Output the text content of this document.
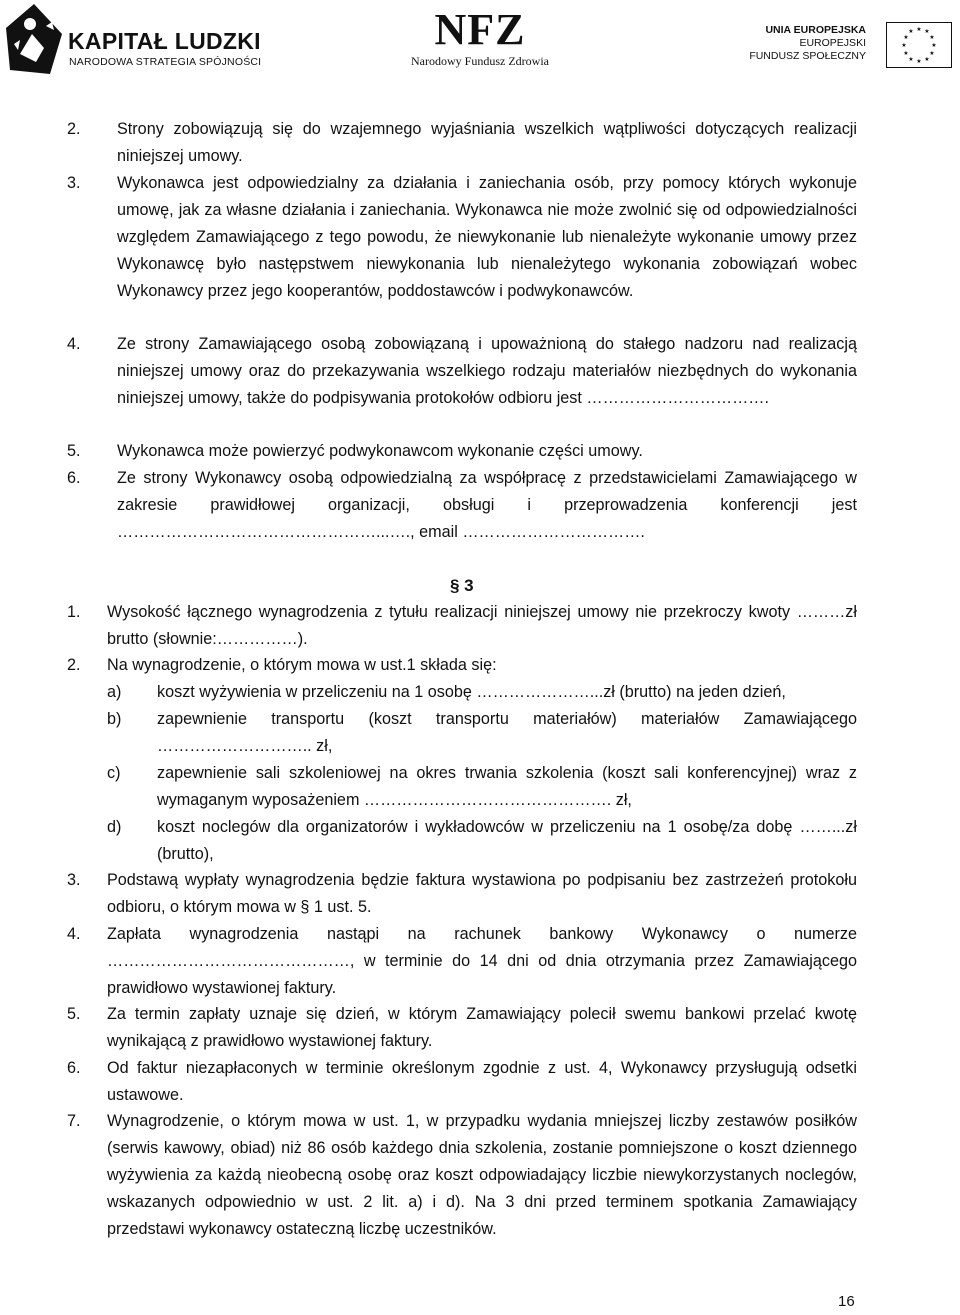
KAPITAŁ LUDZKI
NARODOWA STRATEGIA SPÓJNOŚCI
NFZ
Narodowy Fundusz Zdrowia
UNIA EUROPEJSKA
EUROPEJSKI
FUNDUSZ SPOŁECZNY
★ ★
★
★
★
★
★
★
★
★
★
★
2. Strony zobowiązują się do wzajemnego wyjaśniania wszelkich wątpliwości dotyczących realizacji niniejszej umowy.
3. Wykonawca jest odpowiedzialny za działania i zaniechania osób, przy pomocy których wykonuje umowę, jak za własne działania i zaniechania. Wykonawca nie może zwolnić się od odpowiedzialności względem Zamawiającego z tego powodu, że niewykonanie lub nienależyte wykonanie umowy przez Wykonawcę było następstwem niewykonania lub nienależytego wykonania zobowiązań wobec Wykonawcy przez jego kooperantów, poddostawców i podwykonawców.
4. Ze strony Zamawiającego osobą zobowiązaną i upoważnioną do stałego nadzoru nad realizacją niniejszej umowy oraz do przekazywania wszelkiego rodzaju materiałów niezbędnych do wykonania niniejszej umowy, także do podpisywania protokołów odbioru jest …………………………….
5. Wykonawca może powierzyć podwykonawcom wykonanie części umowy.
6. Ze strony Wykonawcy osobą odpowiedzialną za współpracę z przedstawicielami Zamawiającego w zakresie prawidłowej organizacji, obsługi i przeprowadzenia konferencji jest …………………………………………...…., email …………………………….
§ 3
1. Wysokość łącznego wynagrodzenia z tytułu realizacji niniejszej umowy nie przekroczy kwoty ………zł brutto (słownie:……………).
2. Na wynagrodzenie, o którym mowa w ust.1 składa się:
a) koszt wyżywienia w przeliczeniu na 1 osobę …………………...zł (brutto) na jeden dzień,
b) zapewnienie transportu (koszt transportu materiałów) materiałów Zamawiającego ……………………….. zł,
c) zapewnienie sali szkoleniowej na okres trwania szkolenia (koszt sali konferencyjnej) wraz z wymaganym wyposażeniem ………………………………………. zł,
d) koszt noclegów dla organizatorów i wykładowców w przeliczeniu na 1 osobę/za dobę ……...zł (brutto),
3. Podstawą wypłaty wynagrodzenia będzie faktura wystawiona po podpisaniu bez zastrzeżeń protokołu odbioru, o którym mowa w § 1 ust. 5.
4. Zapłata wynagrodzenia nastąpi na rachunek bankowy Wykonawcy o numerze ………………………………………, w terminie do 14 dni od dnia otrzymania przez Zamawiającego prawidłowo wystawionej faktury.
5. Za termin zapłaty uznaje się dzień, w którym Zamawiający polecił swemu bankowi przelać kwotę wynikającą z prawidłowo wystawionej faktury.
6. Od faktur niezapłaconych w terminie określonym zgodnie z ust. 4, Wykonawcy przysługują odsetki ustawowe.
7. Wynagrodzenie, o którym mowa w ust. 1, w przypadku wydania mniejszej liczby zestawów posiłków (serwis kawowy, obiad) niż 86 osób każdego dnia szkolenia, zostanie pomniejszone o koszt dziennego wyżywienia za każdą nieobecną osobę oraz koszt odpowiadający liczbie niewykorzystanych noclegów, wskazanych odpowiednio w ust. 2 lit. a) i d). Na 3 dni przed terminem spotkania Zamawiający przedstawi wykonawcy ostateczną liczbę uczestników.
16
